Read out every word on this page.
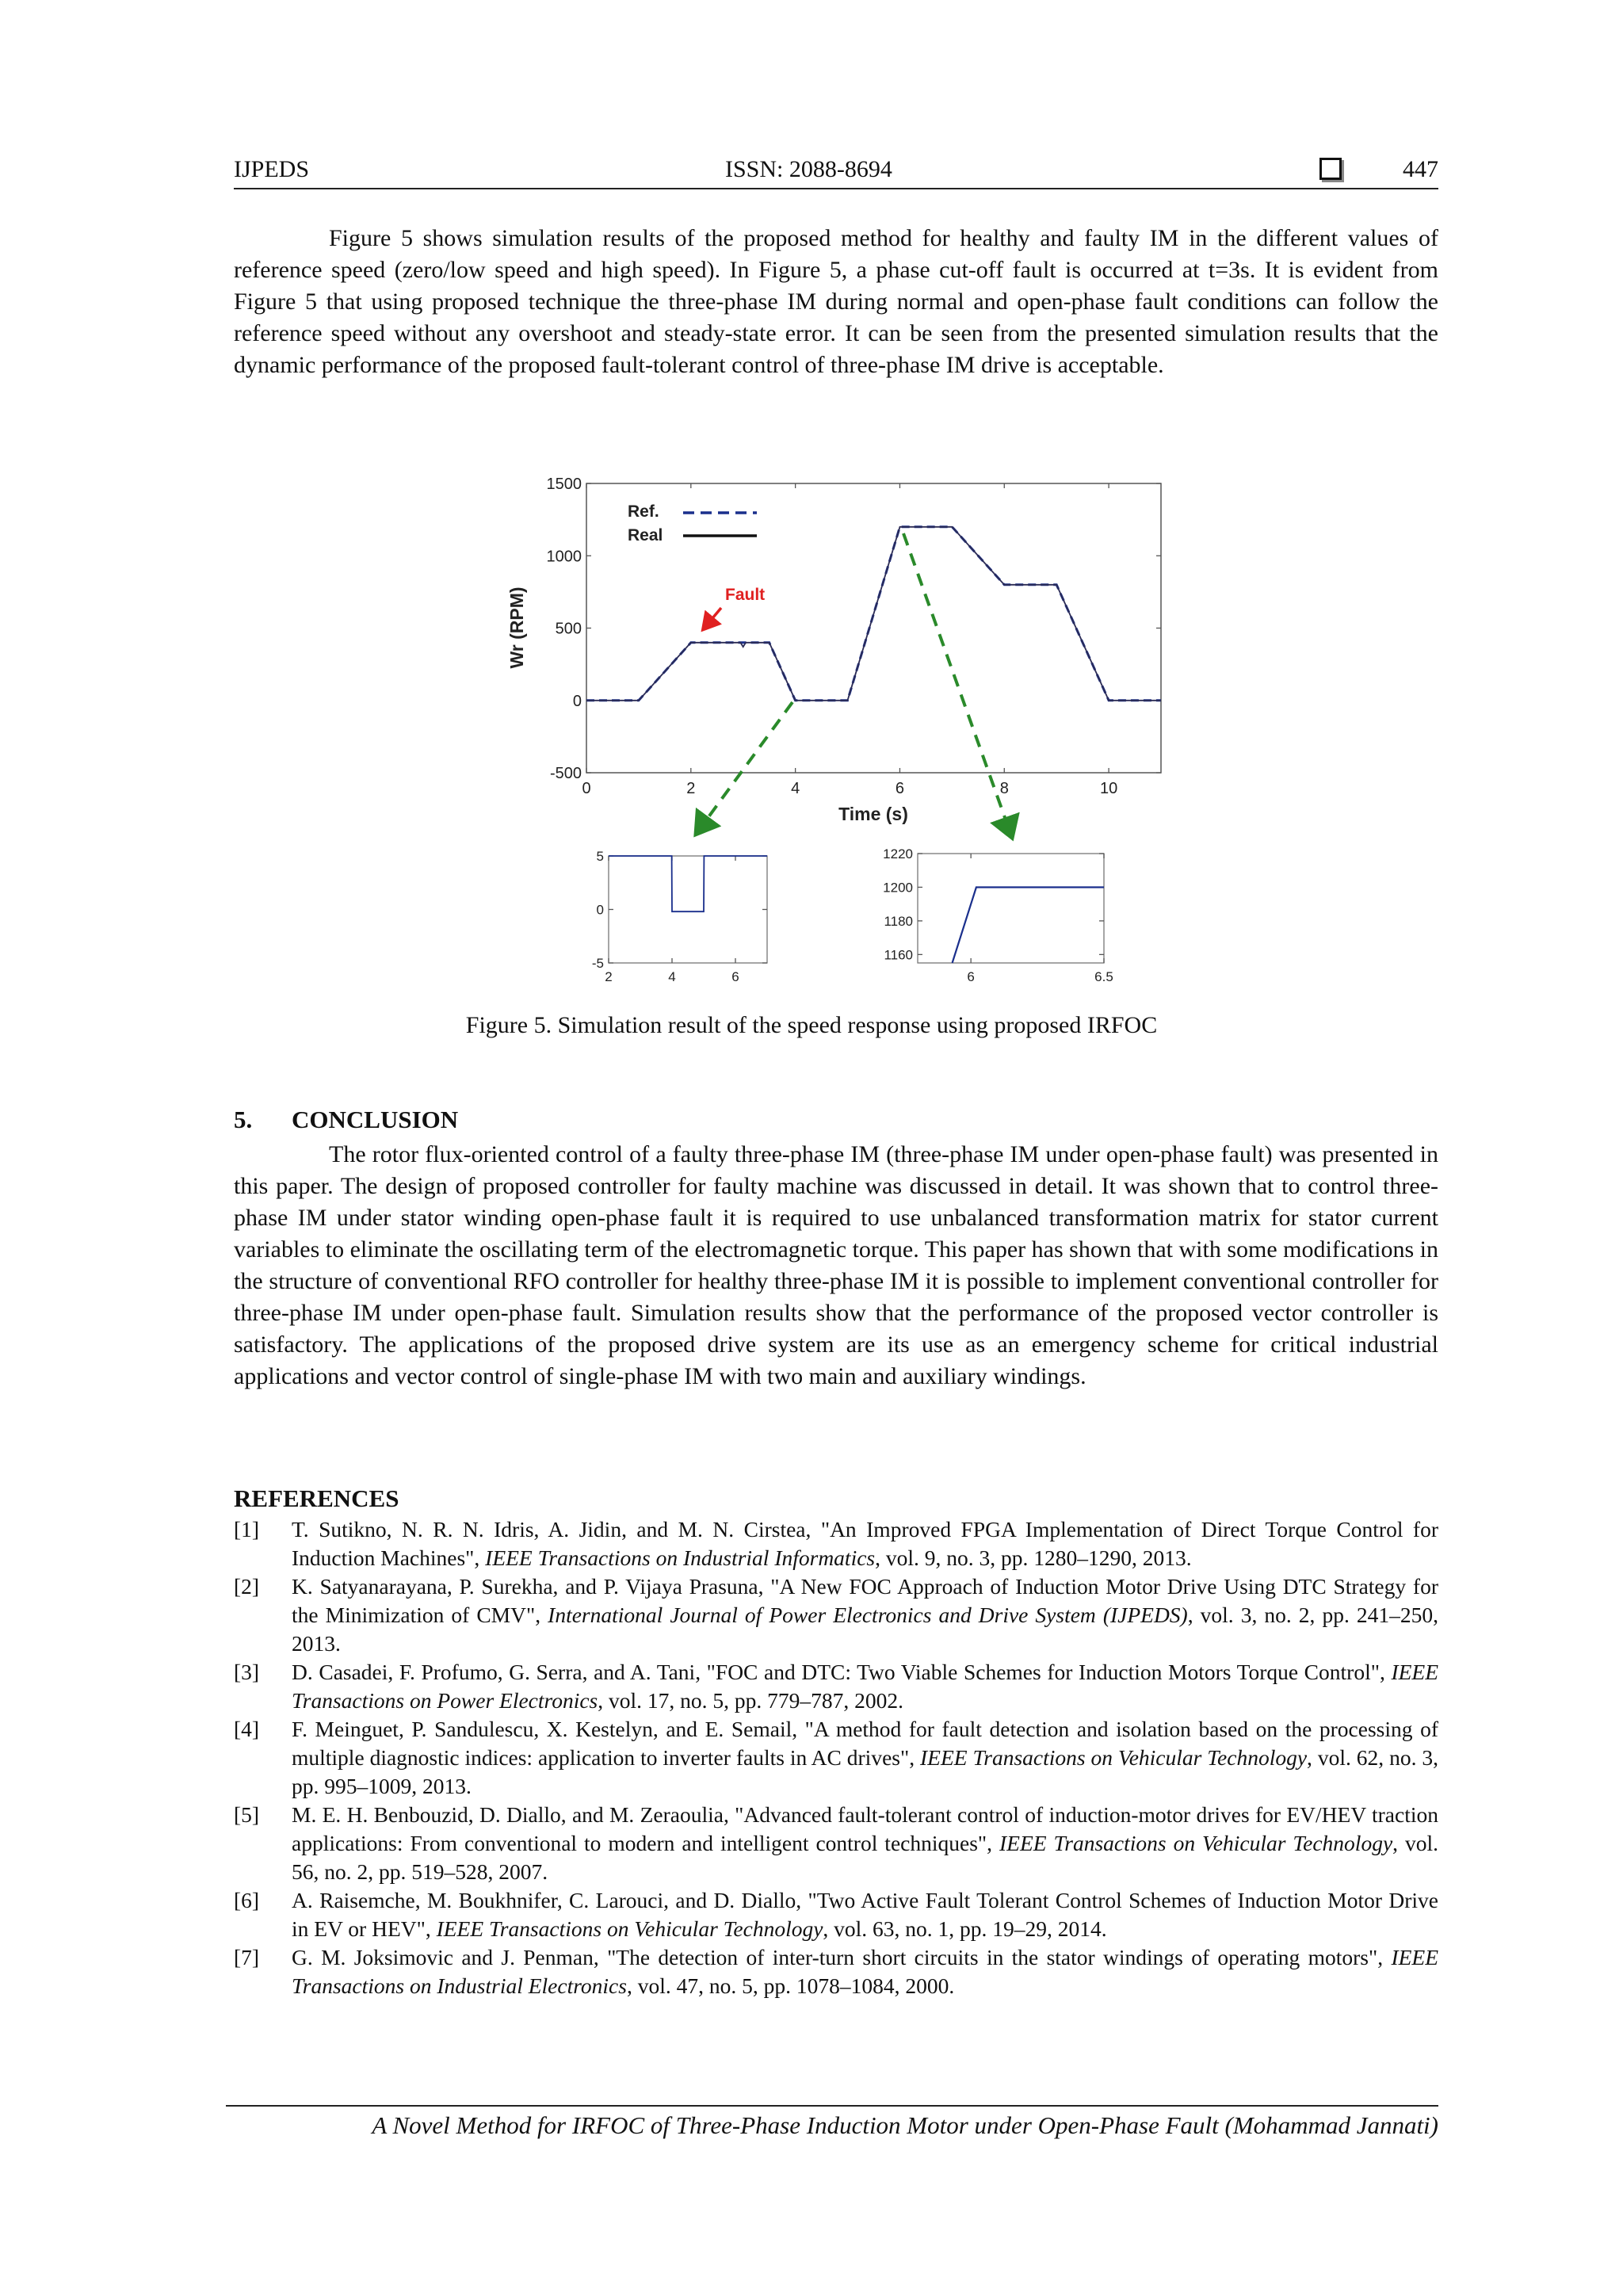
IJPEDS	ISSN: 2088-8694	447

Figure 5 shows simulation results of the proposed method for healthy and faulty IM in the different values of reference speed (zero/low speed and high speed). In Figure 5, a phase cut-off fault is occurred at t=3s. It is evident from Figure 5 that using proposed technique the three-phase IM during normal and open-phase fault conditions can follow the reference speed without any overshoot and steady-state error. It can be seen from the presented simulation results that the dynamic performance of the proposed fault-tolerant control of three-phase IM drive is acceptable.

0	2	4	6	8	10
-500
0
500
1000
1500
Wr (RPM)
Time (s)
Ref.
Real
Fault
2	4	6
-5
0
5
6	6.5
1160
1180
1200
1220
Figure 5. Simulation result of the speed response using proposed IRFOC
5. CONCLUSION

The rotor flux-oriented control of a faulty three-phase IM (three-phase IM under open-phase fault) was presented in this paper. The design of proposed controller for faulty machine was discussed in detail. It was shown that to control three-phase IM under stator winding open-phase fault it is required to use unbalanced transformation matrix for stator current variables to eliminate the oscillating term of the electromagnetic torque. This paper has shown that with some modifications in the structure of conventional RFO controller for healthy three-phase IM it is possible to implement conventional controller for three-phase IM under open-phase fault. Simulation results show that the performance of the proposed vector controller is satisfactory. The applications of the proposed drive system are its use as an emergency scheme for critical industrial applications and vector control of single-phase IM with two main and auxiliary windings.

REFERENCES
[1] T. Sutikno, N. R. N. Idris, A. Jidin, and M. N. Cirstea, "An Improved FPGA Implementation of Direct Torque Control for Induction Machines", IEEE Transactions on Industrial Informatics, vol. 9, no. 3, pp. 1280–1290, 2013.
[2] K. Satyanarayana, P. Surekha, and P. Vijaya Prasuna, "A New FOC Approach of Induction Motor Drive Using DTC Strategy for the Minimization of CMV", International Journal of Power Electronics and Drive System (IJPEDS), vol. 3, no. 2, pp. 241–250, 2013.
[3] D. Casadei, F. Profumo, G. Serra, and A. Tani, "FOC and DTC: Two Viable Schemes for Induction Motors Torque Control", IEEE Transactions on Power Electronics, vol. 17, no. 5, pp. 779–787, 2002.
[4] F. Meinguet, P. Sandulescu, X. Kestelyn, and E. Semail, "A method for fault detection and isolation based on the processing of multiple diagnostic indices: application to inverter faults in AC drives", IEEE Transactions on Vehicular Technology, vol. 62, no. 3, pp. 995–1009, 2013.
[5] M. E. H. Benbouzid, D. Diallo, and M. Zeraoulia, "Advanced fault-tolerant control of induction-motor drives for EV/HEV traction applications: From conventional to modern and intelligent control techniques", IEEE Transactions on Vehicular Technology, vol. 56, no. 2, pp. 519–528, 2007.
[6] A. Raisemche, M. Boukhnifer, C. Larouci, and D. Diallo, "Two Active Fault Tolerant Control Schemes of Induction Motor Drive in EV or HEV", IEEE Transactions on Vehicular Technology, vol. 63, no. 1, pp. 19–29, 2014.
[7] G. M. Joksimovic and J. Penman, "The detection of inter-turn short circuits in the stator windings of operating motors", IEEE Transactions on Industrial Electronics, vol. 47, no. 5, pp. 1078–1084, 2000.
A Novel Method for IRFOC of Three-Phase Induction Motor under Open-Phase Fault (Mohammad Jannati)
